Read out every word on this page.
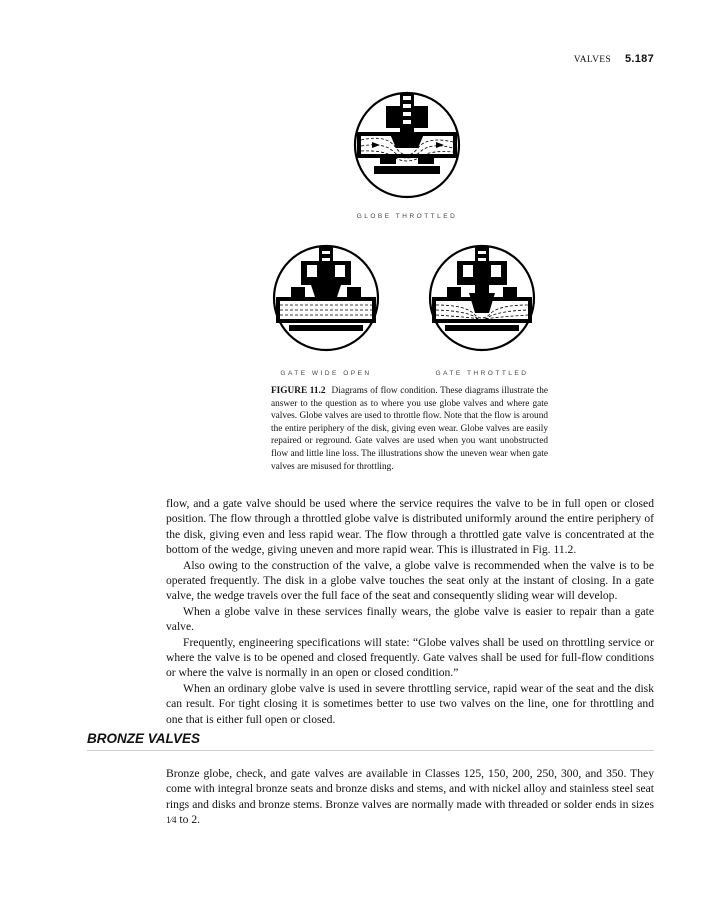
VALVES 5.187
GLOBE THROTTLED
GATE WIDE OPEN	GATE THROTTLED
FIGURE 11.2 Diagrams of flow condition. These diagrams illustrate the answer to the question as to where you use globe valves and where gate valves. Globe valves are used to throttle flow. Note that the flow is around the entire periphery of the disk, giving even wear. Globe valves are easily repaired or reground. Gate valves are used when you want unobstructed flow and little line loss. The illustrations show the uneven wear when gate valves are misused for throttling.

flow, and a gate valve should be used where the service requires the valve to be in full open or closed position. The flow through a throttled globe valve is distributed uniformly around the entire periphery of the disk, giving even and less rapid wear. The flow through a throttled gate valve is concentrated at the bottom of the wedge, giving uneven and more rapid wear. This is illustrated in Fig. 11.2.

Also owing to the construction of the valve, a globe valve is recommended when the valve is to be operated frequently. The disk in a globe valve touches the seat only at the instant of closing. In a gate valve, the wedge travels over the full face of the seat and consequently sliding wear will develop.

When a globe valve in these services finally wears, the globe valve is easier to repair than a gate valve.

Frequently, engineering specifications will state: “Globe valves shall be used on throttling service or where the valve is to be opened and closed frequently. Gate valves shall be used for full-flow conditions or where the valve is normally in an open or closed condition.”

When an ordinary globe valve is used in severe throttling service, rapid wear of the seat and the disk can result. For tight closing it is sometimes better to use two valves on the line, one for throttling and one that is either full open or closed.

BRONZE VALVES

Bronze globe, check, and gate valves are available in Classes 125, 150, 200, 250, 300, and 350. They come with integral bronze seats and bronze disks and stems, and with nickel alloy and stainless steel seat rings and disks and bronze stems. Bronze valves are normally made with threaded or solder ends in sizes 1⁄4 to 2.
